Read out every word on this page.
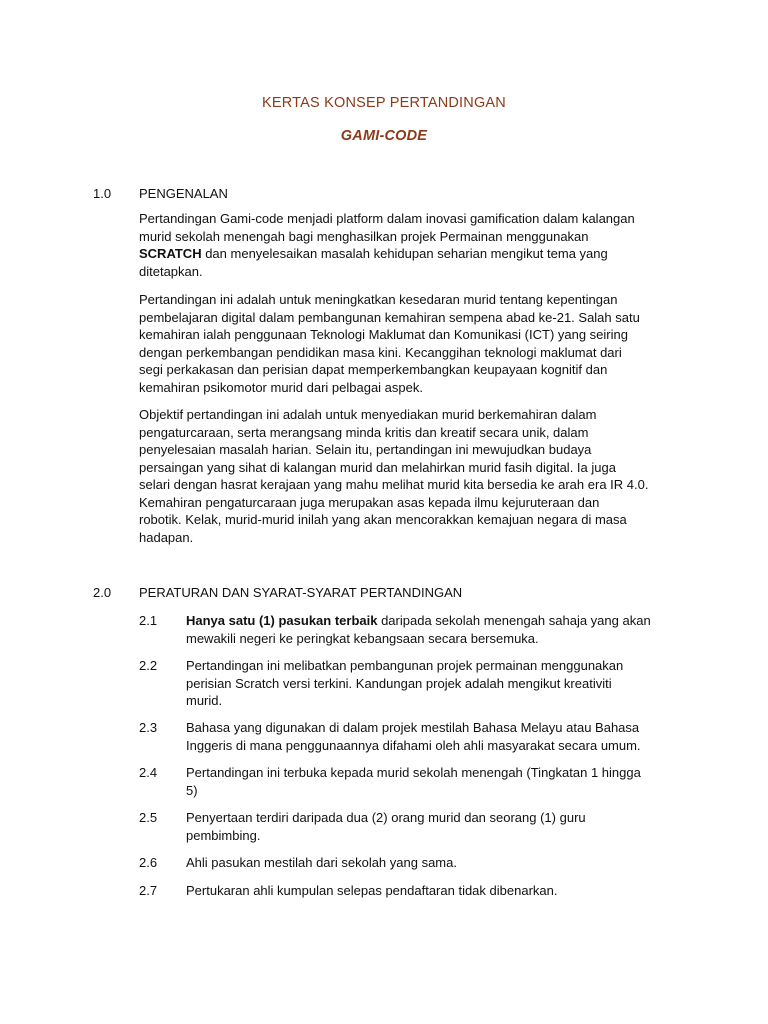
KERTAS KONSEP PERTANDINGAN
GAMI-CODE
1.0 PENGENALAN
Pertandingan Gami-code menjadi platform dalam inovasi gamification dalam kalangan
murid sekolah menengah bagi menghasilkan projek Permainan menggunakan
SCRATCH dan menyelesaikan masalah kehidupan seharian mengikut tema yang
ditetapkan.
Pertandingan ini adalah untuk meningkatkan kesedaran murid tentang kepentingan
pembelajaran digital dalam pembangunan kemahiran sempena abad ke-21. Salah satu
kemahiran ialah penggunaan Teknologi Maklumat dan Komunikasi (ICT) yang seiring
dengan perkembangan pendidikan masa kini. Kecanggihan teknologi maklumat dari
segi perkakasan dan perisian dapat memperkembangkan keupayaan kognitif dan
kemahiran psikomotor murid dari pelbagai aspek.
Objektif pertandingan ini adalah untuk menyediakan murid berkemahiran dalam
pengaturcaraan, serta merangsang minda kritis dan kreatif secara unik, dalam
penyelesaian masalah harian. Selain itu, pertandingan ini mewujudkan budaya
persaingan yang sihat di kalangan murid dan melahirkan murid fasih digital. Ia juga
selari dengan hasrat kerajaan yang mahu melihat murid kita bersedia ke arah era IR 4.0.
Kemahiran pengaturcaraan juga merupakan asas kepada ilmu kejuruteraan dan
robotik. Kelak, murid-murid inilah yang akan mencorakkan kemajuan negara di masa
hadapan.
2.0 PERATURAN DAN SYARAT-SYARAT PERTANDINGAN
2.1 Hanya satu (1) pasukan terbaik daripada sekolah menengah sahaja yang akan
mewakili negeri ke peringkat kebangsaan secara bersemuka.
2.2 Pertandingan ini melibatkan pembangunan projek permainan menggunakan
perisian Scratch versi terkini. Kandungan projek adalah mengikut kreativiti
murid.
2.3 Bahasa yang digunakan di dalam projek mestilah Bahasa Melayu atau Bahasa
Inggeris di mana penggunaannya difahami oleh ahli masyarakat secara umum.
2.4 Pertandingan ini terbuka kepada murid sekolah menengah (Tingkatan 1 hingga
5)
2.5 Penyertaan terdiri daripada dua (2) orang murid dan seorang (1) guru
pembimbing.
2.6 Ahli pasukan mestilah dari sekolah yang sama.
2.7 Pertukaran ahli kumpulan selepas pendaftaran tidak dibenarkan.
